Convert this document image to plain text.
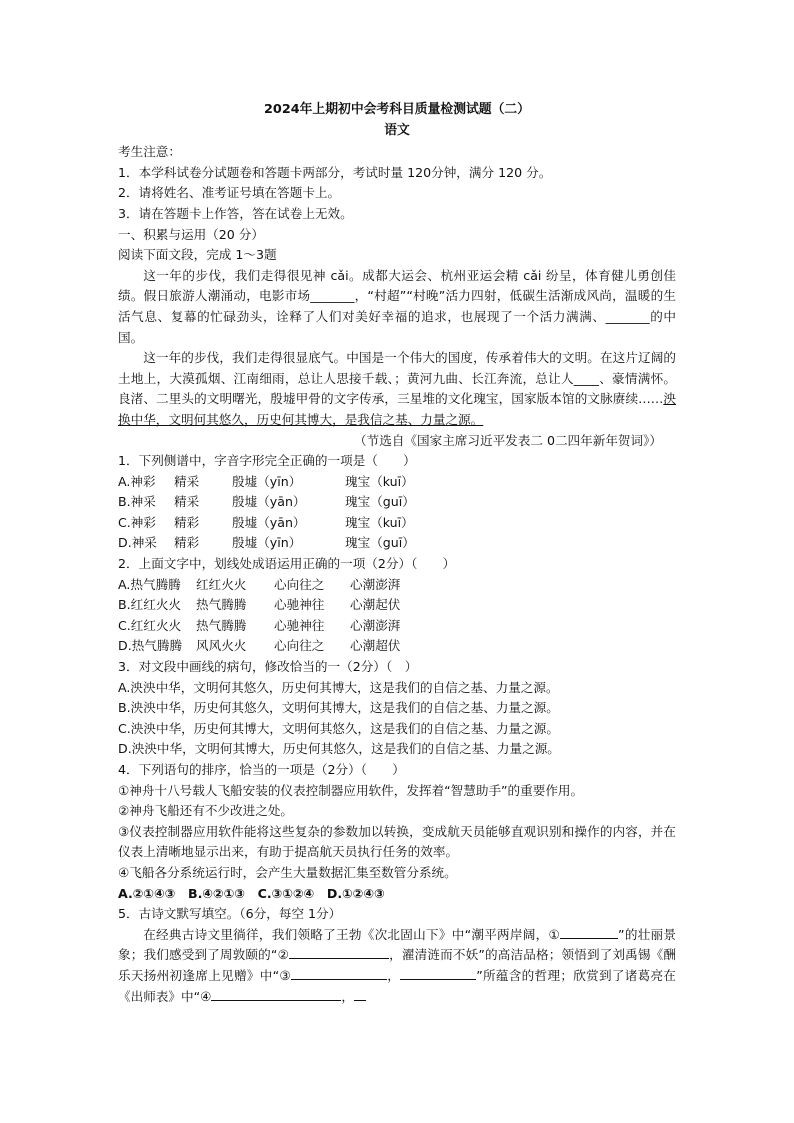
2024年上期初中会考科目质量检测试题（二）
语文
考生注意：
1．本学科试卷分试题卷和答题卡两部分，考试时量 120分钟，满分 120 分。
2．请将姓名、准考证号填在答题卡上。
3．请在答题卡上作答，答在试卷上无效。
一、积累与运用（20 分）
阅读下面文段，完成 1～3题

这一年的步伐，我们走得很见神 cǎi。成都大运会、杭州亚运会精 cǎi 纷呈，体育健儿勇创佳绩。假日旅游人潮涌动，电影市场_______，“村超”“村晚”活力四射，低碳生活渐成风尚，温暖的生活气息、复幕的忙碌劲头，诠释了人们对美好幸福的追求，也展现了一个活力满满、_______的中国。

这一年的步伐，我们走得很显底气。中国是一个伟大的国度，传承着伟大的文明。在这片辽阔的土地上，大漠孤烟、江南细雨，总让人思接千载、；黄河九曲、长江奔流，总让人____、豪情满怀。良渚、二里头的文明曙光，殷墟甲骨的文字传承，三星堆的文化瑰宝，国家版本馆的文脉赓续……泱换中华，文明何其悠久，历史何其博大，是我信之基、力量之源。

（节选自《国家主席习近平发表二 0二四年新年贺词》）
1．下列侧谱中，字音字形完全正确的一项是（　　）
A.神彩 精采	殷墟（yīn）	瑰宝（kuī）
B.神采 精采	殷墟（yān）	瑰宝（guī）
C.神彩 精彩	殷墟（yān）	瑰宝（kuī）
D.神采 精彩	殷墟（yīn）	瑰宝（guī）
2．上面文字中，划线处成语运用正确的一项（2分）（　　）
A.热气腾腾 红红火火 心向往之 心潮澎湃
B.红红火火 热气腾腾 心驰神往 心潮起伏
C.红红火火 热气腾腾 心驰神往 心潮澎湃
D.热气腾腾 风风火火 心向往之 心潮超伏
3．对文段中画线的病句，修改恰当的一（2分）（　）
A.泱泱中华，文明何其悠久，历史何其博大，这是我们的自信之基、力量之源。
B.泱泱中华，历史何其悠久，文明何其博大，这是我们的自信之基、力量之源。
C.泱泱中华，历史何其博大，文明何其悠久，这是我们的自信之基、力量之源。
D.泱泱中华，文明何其博大，历史何其悠久，这是我们的自信之基、力量之源。
4．下列语句的排序，恰当的一项是（2分）（　　）
①神舟十八号载人飞船安装的仪表控制器应用软件，发挥着“智慧助手”的重要作用。
②神舟飞船还有不少改进之处。
③仪表控制器应用软件能将这些复杂的参数加以转换，变成航天员能够直观识别和操作的内容，并在仪表上清晰地显示出来，有助于提高航天员执行任务的效率。
④飞船各分系统运行时，会产生大量数据汇集至数管分系统。
A.②①④③　B.④②①③　C.③①②④　D.①②④③
5．古诗文默写填空。（6分，每空 1分）

在经典古诗文里徜徉，我们领略了王勃《次北固山下》中“潮平两岸阔，①	”的壮丽景象；我们感受到了周敦颐的“②	，濯清涟而不妖”的高洁品格；领悟到了刘禹锡《酬乐天扬州初逢席上见赠》中“③	，	”所蕴含的哲理；欣赏到了诸葛亮在《出师表》中“④	，
